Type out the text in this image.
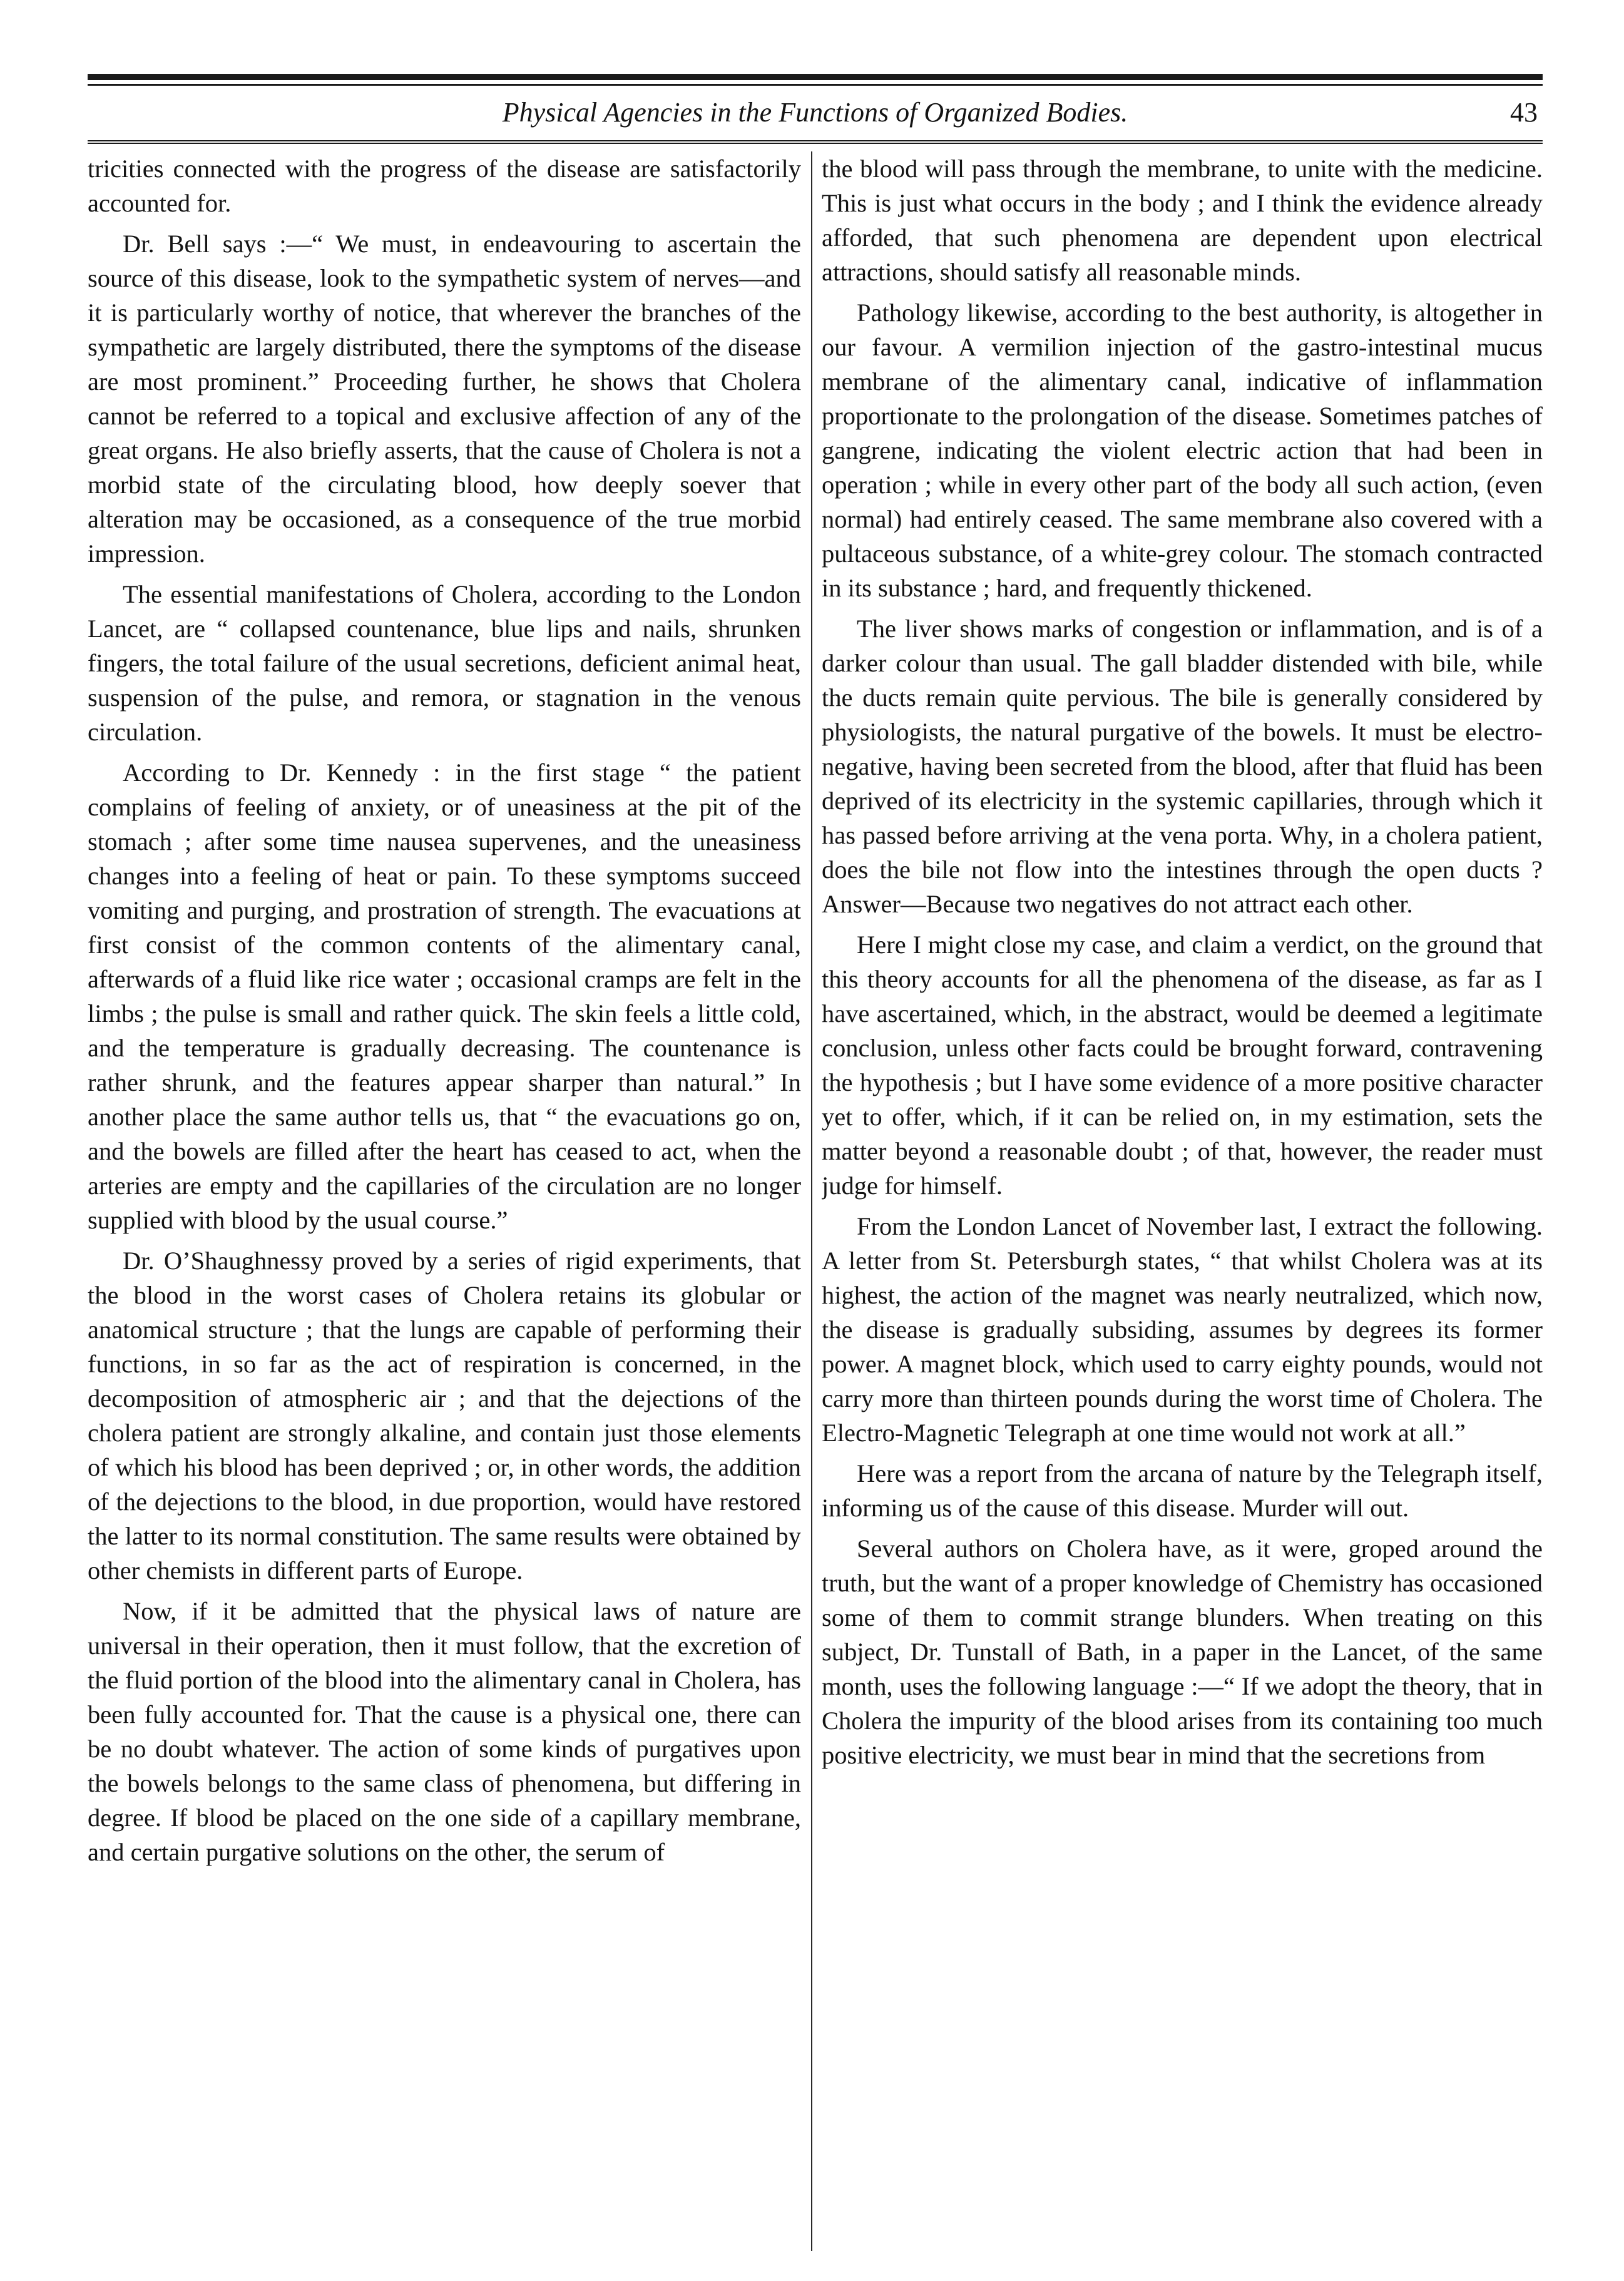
Physical Agencies in the Functions of Organized Bodies.	43

tricities connected with the progress of the disease are satisfactorily accounted for.

Dr. Bell says :—“ We must, in endeavouring to ascertain the source of this disease, look to the sympathetic system of nerves—and it is particularly worthy of notice, that wherever the branches of the sympathetic are largely distributed, there the symptoms of the disease are most prominent.” Proceeding further, he shows that Cholera cannot be referred to a topical and exclusive affection of any of the great organs. He also briefly asserts, that the cause of Cholera is not a morbid state of the circulating blood, how deeply soever that alteration may be occasioned, as a consequence of the true morbid impression.

The essential manifestations of Cholera, according to the London Lancet, are “ collapsed countenance, blue lips and nails, shrunken fingers, the total failure of the usual secretions, deficient animal heat, suspension of the pulse, and remora, or stagnation in the venous circulation.

According to Dr. Kennedy : in the first stage “ the patient complains of feeling of anxiety, or of uneasiness at the pit of the stomach ; after some time nausea supervenes, and the uneasiness changes into a feeling of heat or pain. To these symptoms succeed vomiting and purging, and prostration of strength. The evacuations at first consist of the common contents of the alimentary canal, afterwards of a fluid like rice water ; occasional cramps are felt in the limbs ; the pulse is small and rather quick. The skin feels a little cold, and the temperature is gradually decreasing. The countenance is rather shrunk, and the features appear sharper than natural.” In another place the same author tells us, that “ the evacuations go on, and the bowels are filled after the heart has ceased to act, when the arteries are empty and the capillaries of the circulation are no longer supplied with blood by the usual course.”

Dr. O’Shaughnessy proved by a series of rigid experiments, that the blood in the worst cases of Cholera retains its globular or anatomical structure ; that the lungs are capable of performing their functions, in so far as the act of respiration is concerned, in the decomposition of atmospheric air ; and that the dejections of the cholera patient are strongly alkaline, and contain just those elements of which his blood has been deprived ; or, in other words, the addition of the dejections to the blood, in due proportion, would have restored the latter to its normal constitution. The same results were obtained by other chemists in different parts of Europe.

Now, if it be admitted that the physical laws of nature are universal in their operation, then it must follow, that the excretion of the fluid portion of the blood into the alimentary canal in Cholera, has been fully accounted for. That the cause is a physical one, there can be no doubt whatever. The action of some kinds of purgatives upon the bowels belongs to the same class of phenomena, but differing in degree. If blood be placed on the one side of a capillary membrane, and certain purgative solutions on the other, the serum of

the blood will pass through the membrane, to unite with the medicine. This is just what occurs in the body ; and I think the evidence already afforded, that such phenomena are dependent upon electrical attractions, should satisfy all reasonable minds.

Pathology likewise, according to the best authority, is altogether in our favour. A vermilion injection of the gastro-intestinal mucus membrane of the alimentary canal, indicative of inflammation proportionate to the prolongation of the disease. Sometimes patches of gangrene, indicating the violent electric action that had been in operation ; while in every other part of the body all such action, (even normal) had entirely ceased. The same membrane also covered with a pultaceous substance, of a white-grey colour. The stomach contracted in its substance ; hard, and frequently thickened.

The liver shows marks of congestion or inflammation, and is of a darker colour than usual. The gall bladder distended with bile, while the ducts remain quite pervious. The bile is generally considered by physiologists, the natural purgative of the bowels. It must be electro-negative, having been secreted from the blood, after that fluid has been deprived of its electricity in the systemic capillaries, through which it has passed before arriving at the vena porta. Why, in a cholera patient, does the bile not flow into the intestines through the open ducts ? Answer—Because two negatives do not attract each other.

Here I might close my case, and claim a verdict, on the ground that this theory accounts for all the phenomena of the disease, as far as I have ascertained, which, in the abstract, would be deemed a legitimate conclusion, unless other facts could be brought forward, contravening the hypothesis ; but I have some evidence of a more positive character yet to offer, which, if it can be relied on, in my estimation, sets the matter beyond a reasonable doubt ; of that, however, the reader must judge for himself.

From the London Lancet of November last, I extract the following. A letter from St. Petersburgh states, “ that whilst Cholera was at its highest, the action of the magnet was nearly neutralized, which now, the disease is gradually subsiding, assumes by degrees its former power. A magnet block, which used to carry eighty pounds, would not carry more than thirteen pounds during the worst time of Cholera. The Electro-Magnetic Telegraph at one time would not work at all.”

Here was a report from the arcana of nature by the Telegraph itself, informing us of the cause of this disease. Murder will out.

Several authors on Cholera have, as it were, groped around the truth, but the want of a proper knowledge of Chemistry has occasioned some of them to commit strange blunders. When treating on this subject, Dr. Tunstall of Bath, in a paper in the Lancet, of the same month, uses the following language :—“ If we adopt the theory, that in Cholera the impurity of the blood arises from its containing too much positive electricity, we must bear in mind that the secretions from
